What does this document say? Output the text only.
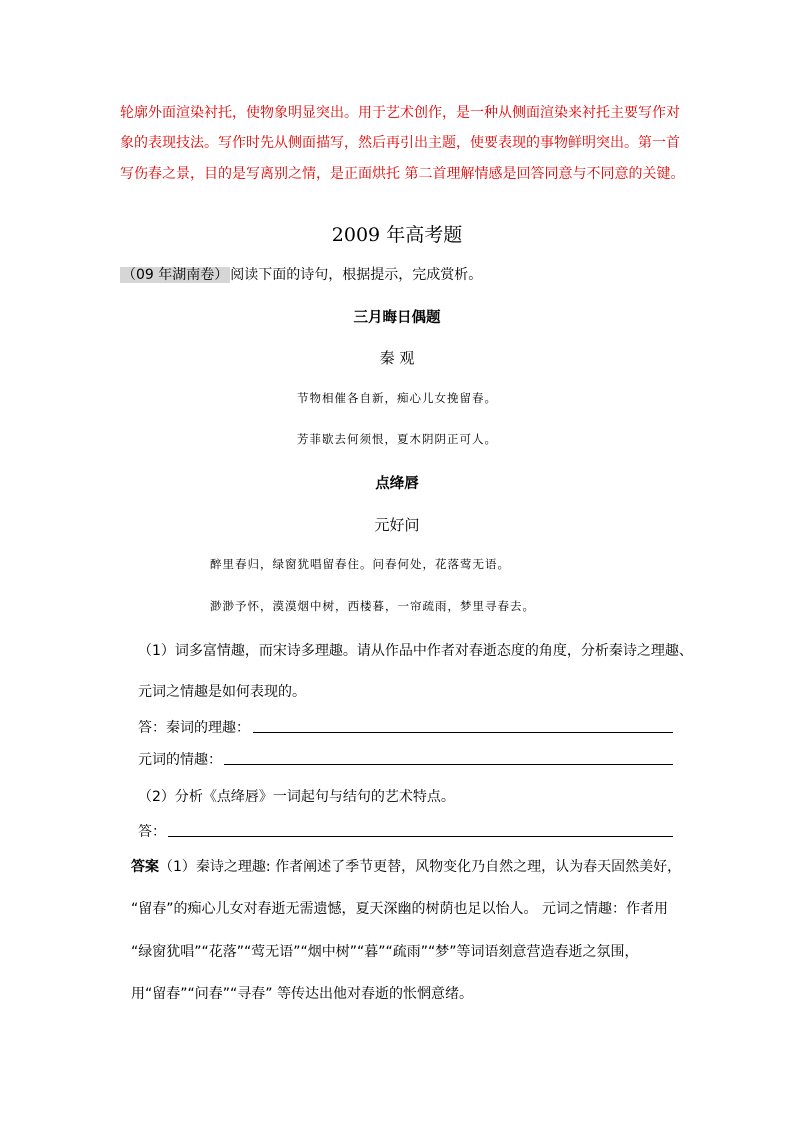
轮廓外面渲染衬托，使物象明显突出。用于艺术创作，是一种从侧面渲染来衬托主要写作对
象的表现技法。写作时先从侧面描写，然后再引出主题，使要表现的事物鲜明突出。第一首
写伤春之景，目的是写离别之情，是正面烘托 第二首理解情感是回答同意与不同意的关键。
2009 年高考题
（09 年湖南卷） 阅读下面的诗句，根据提示，完成赏析。
三月晦日偶题
秦 观
节物相催各自新，痴心儿女挽留春。
芳菲歇去何须恨，夏木阴阴正可人。
点绛唇
元好问
醉里春归，绿窗犹唱留春住。问春何处，花落莺无语。
渺渺予怀，漠漠烟中树，西楼暮，一帘疏雨，梦里寻春去。
（1）词多富情趣，而宋诗多理趣。请从作品中作者对春逝态度的角度，分析秦诗之理趣、
元词之情趣是如何表现的。
答：秦词的理趣：
元词的情趣：
（2）分析《点绛唇》一词起句与结句的艺术特点。
答：
答案（1）秦诗之理趣: 作者阐述了季节更替，风物变化乃自然之理，认为春天固然美好，
“留春”的痴心儿女对春逝无需遗憾，夏天深幽的树荫也足以怡人。 元词之情趣：作者用
“绿窗犹唱”“花落”“莺无语”“烟中树”“暮”“疏雨”“梦”等词语刻意营造春逝之氛围，
用“留春”“问春”“寻春” 等传达出他对春逝的怅惘意绪。
